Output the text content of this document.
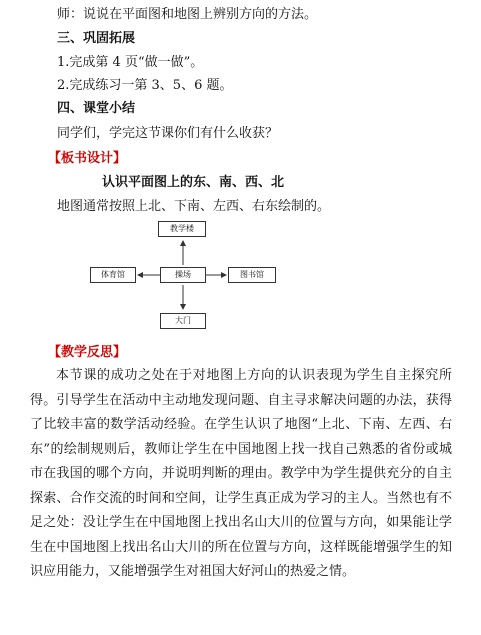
师：说说在平面图和地图上辨别方向的方法。
三、巩固拓展
1.完成第 4 页“做一做”。
2.完成练习一第 3、5、6 题。
四、课堂小结
同学们，学完这节课你们有什么收获？
【板书设计】
认识平面图上的东、南、西、北
地图通常按照上北、下南、左西、右东绘制的。
教学楼
操场
体育馆	图书馆
大门
【教学反思】
本节课的成功之处在于对地图上方向的认识表现为学生自主探究所得。引导学生在活动中主动地发现问题、自主寻求解决问题的办法，获得了比较丰富的数学活动经验。在学生认识了地图“上北、下南、左西、右东”的绘制规则后，教师让学生在中国地图上找一找自己熟悉的省份或城市在我国的哪个方向，并说明判断的理由。教学中为学生提供充分的自主探索、合作交流的时间和空间，让学生真正成为学习的主人。当然也有不足之处：没让学生在中国地图上找出名山大川的位置与方向，如果能让学生在中国地图上找出名山大川的所在位置与方向，这样既能增强学生的知识应用能力，又能增强学生对祖国大好河山的热爱之情。
